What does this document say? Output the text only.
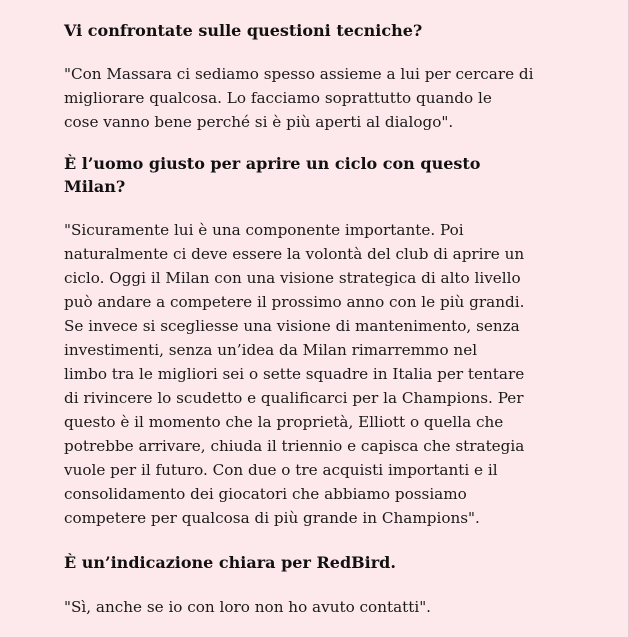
Vi confrontate sulle questioni tecniche?

"Con Massara ci sediamo spesso assieme a lui per cercare di
migliorare qualcosa. Lo facciamo soprattutto quando le
cose vanno bene perché si è più aperti al dialogo".

È l’uomo giusto per aprire un ciclo con questo
Milan?

"Sicuramente lui è una componente importante. Poi
naturalmente ci deve essere la volontà del club di aprire un
ciclo. Oggi il Milan con una visione strategica di alto livello
può andare a competere il prossimo anno con le più grandi.
Se invece si scegliesse una visione di mantenimento, senza
investimenti, senza un’idea da Milan rimarremmo nel
limbo tra le migliori sei o sette squadre in Italia per tentare
di rivincere lo scudetto e qualificarci per la Champions. Per
questo è il momento che la proprietà, Elliott o quella che
potrebbe arrivare, chiuda il triennio e capisca che strategia
vuole per il futuro. Con due o tre acquisti importanti e il
consolidamento dei giocatori che abbiamo possiamo
competere per qualcosa di più grande in Champions".

È un’indicazione chiara per RedBird.

"Sì, anche se io con loro non ho avuto contatti".
